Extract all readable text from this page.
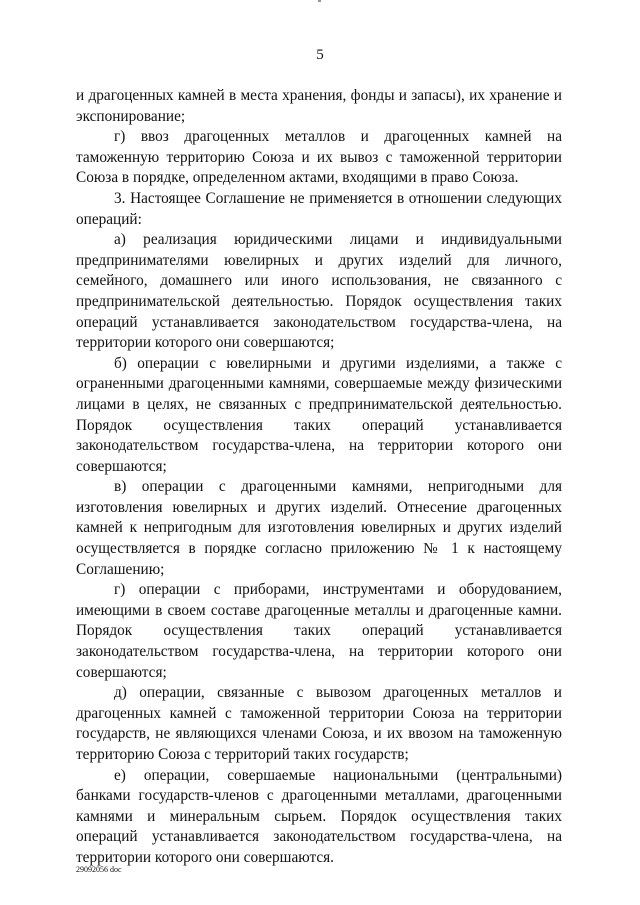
5

и драгоценных камней в места хранения, фонды и запасы), их хранение и экспонирование;

г) ввоз драгоценных металлов и драгоценных камней на таможенную территорию Союза и их вывоз с таможенной территории Союза в порядке, определенном актами, входящими в право Союза.

3. Настоящее Соглашение не применяется в отношении следующих операций:

а) реализация юридическими лицами и индивидуальными предпринимателями ювелирных и других изделий для личного, семейного, домашнего или иного использования, не связанного с предпринимательской деятельностью. Порядок осуществления таких операций устанавливается законодательством государства-члена, на территории которого они совершаются;

б) операции с ювелирными и другими изделиями, а также с ограненными драгоценными камнями, совершаемые между физическими лицами в целях, не связанных с предпринимательской деятельностью. Порядок осуществления таких операций устанавливается законодательством государства-члена, на территории которого они совершаются;

в) операции с драгоценными камнями, непригодными для изготовления ювелирных и других изделий. Отнесение драгоценных камней к непригодным для изготовления ювелирных и других изделий осуществляется в порядке согласно приложению № 1 к настоящему Соглашению;

г) операции с приборами, инструментами и оборудованием, имеющими в своем составе драгоценные металлы и драгоценные камни. Порядок осуществления таких операций устанавливается законодательством государства-члена, на территории которого они совершаются;

д) операции, связанные с вывозом драгоценных металлов и драгоценных камней с таможенной территории Союза на территории государств, не являющихся членами Союза, и их ввозом на таможенную территорию Союза с территорий таких государств;

е) операции, совершаемые национальными (центральными) банками государств-членов с драгоценными металлами, драгоценными камнями и минеральным сырьем. Порядок осуществления таких операций устанавливается законодательством государства-члена, на территории которого они совершаются.

29092056 doc
